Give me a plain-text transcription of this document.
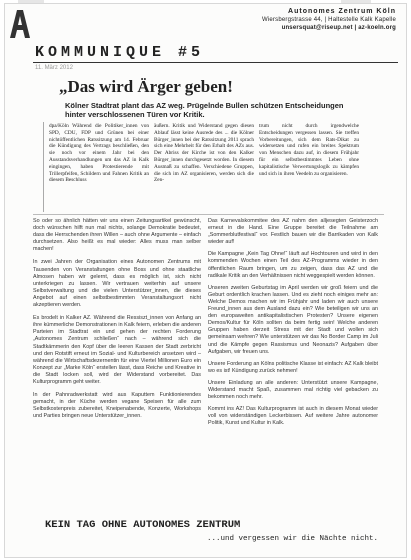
Autonomes Zentrum Köln
Wiersbergstrasse 44, | Haltestelle Kalk Kapelle
unsersquat@riseup.net | az-koeln.org
KOMMUNIQUE #5
11. März 2012
„Das wird Ärger geben!
Kölner Stadtrat plant das AZ weg. Prügelnde Bullen schützen Entscheidungen hinter verschlossenen Türen vor Kritik.
dpa/Köln Während die Politiker_innen von SPD, CDU, FDP und Grünen bei einer nichtöffentlichen Ratssitzung am 14. Februar die Kündigung des Vertrags beschließen, den sie noch vor einem Jahr bei den Ausstandsverhandlungen um das AZ in Kalk eingingen, haben Protestierende mit Trillerpfeifen, Schildern und Fahnen Kritik an diesem Beschluss
äußern. Kritik und Widerstand gegen diesen Ablauf lässt keine Ausrede des ... die Kölner Bürger_innen bei der Ratssitzung 2011 sprach sich eine Mehrheit für den Erhalt des AZs aus. Der Abriss der Kirche ist von den Kalker Bürger_innen durchgesetzt worden. In diesem Ausmaß zu schaffen. Verschiedene Gruppen, die sich im AZ organisieren, werden sich die Zen-
trum nicht durch irgendwelche Entscheidungen vergessen lassen. Sie treffen Vorbereitungen, sich dem Rats-Dikat zu widersetzen und rufen ein breites Spektrum von Menschen dazu auf, in diesem Frühjahr für ein selbstbestimmtes Leben ohne kapitalistische Verwertungslogik zu kämpfen und sich in ihren Veedeln zu organisieren.

So oder so ähnlich hätten wir uns einen Zeitungsartikel gewünscht, doch wünschen hilft nun mal nichts, solange Demokratie bedeutet, dass die Herrschenden ihren Willen – auch ohne Argumente – einfach durchsetzen. Also heißt es mal wieder: Alles muss man selber machen!

In zwei Jahren der Organisation eines Autonomen Zentrums mit Tausenden von Veranstaltungen ohne Boss und ohne staatliche Almosen haben wir gelernt, dass es möglich ist, sich nicht unterkriegen zu lassen. Wir vertrauen weiterhin auf unsere Selbstverwaltung und die vielen Unterstützer_innen, die dieses Angebot auf einen selbstbestimmten Veranstaltungsort nicht akzeptieren werden.

Es brodelt in Kalker AZ. Während die Ressiszt_innen von Anfang an ihre kümmerliche Demonstrationen in Kalk feiern, erleben die anderen Parteien im Stadtrat ein und gehen der rechten Forderung „Autonomes Zentrum schließen“ nach – während sich die Stadtkämmerin den Kopf über die leeren Kassen der Stadt zerbricht und den Rotstift erneut im Sozial- und Kulturbereich ansetzen wird – während die Wirtschaftsdezernentin für eine Viertel Millionen Euro ein Konzept zur „Marke Köln“ erstellen lässt, dass Reiche und Kreative in die Stadt locken soll, wird der Widerstand vorbereitet. Das Kulturprogramm geht weiter.

In der Pahnradwerkstatt wird aus Kaputtem Funktionierendes gemacht, in der Küche werden vegane Speisen für alle zum Selbstkostenpreis zubereitet, Kneipenabende, Konzerte, Workshops und Parties bringen neue Unterstützer_innen.

Das Karnevalskommitee des AZ nahm den alljesegten Geisterzoch erneut in die Hand. Eine Gruppe bereitet die Teilnahme am „Sommerblutfestival“ vor. Festlich bauen wir die Barrikaden von Kalk wieder auf!

Die Kampagne „Kein Tag Ohne!“ läuft auf Hochtouren und wird in den kommenden Wochen einen Teil des AZ-Programms wieder in den öffentlichen Raum bringen, um zu zeigen, dass das AZ und die radikale Kritik an den Verhältnissen nicht weggespielt werden können.

Unseren zweiten Geburtstag im April werden wir groß feiern und die Geburt ordentlich krachen lassen. Und es zieht noch einiges mehr an: Welche Demos machen wir im Frühjahr und laden wir auch unsere Freund_innen aus dem Ausland dazu ein? Wie beteiligen wir uns an den europaweiten antikapitalistischen Protesten? Unsere eigenen Demos/Kultur für Köln sollten da beim fertig sein! Welche anderen Gruppen haben derzeit Stress mit der Stadt und wollen sich gemeinsam wehren? Wie unterstützen wir das No Border Camp im Juli und die Kämpfe gegen Rassismus und Neonazis? Aufgaben über Aufgaben, wir freuen uns.

Unsere Forderung an Kölns politische Klasse ist einfach: AZ Kalk bleibt wo es ist! Kündigung zurück nehmen!

Unsere Einladung an alle anderen: Unterstützt unsere Kampagne, Widerstand macht Spaß, zusammen mal richtig viel gebacken zu bekommen noch mehr.

Kommt ins AZ! Das Kulturprogramm ist auch in diesem Monat wieder voll von widerständigen Leckerbissen. Auf weitere Jahre autonomer Politik, Kunst und Kultur in Kalk.

KEIN TAG OHNE AUTONOMES ZENTRUM
...und vergessen wir die Nächte nicht.
